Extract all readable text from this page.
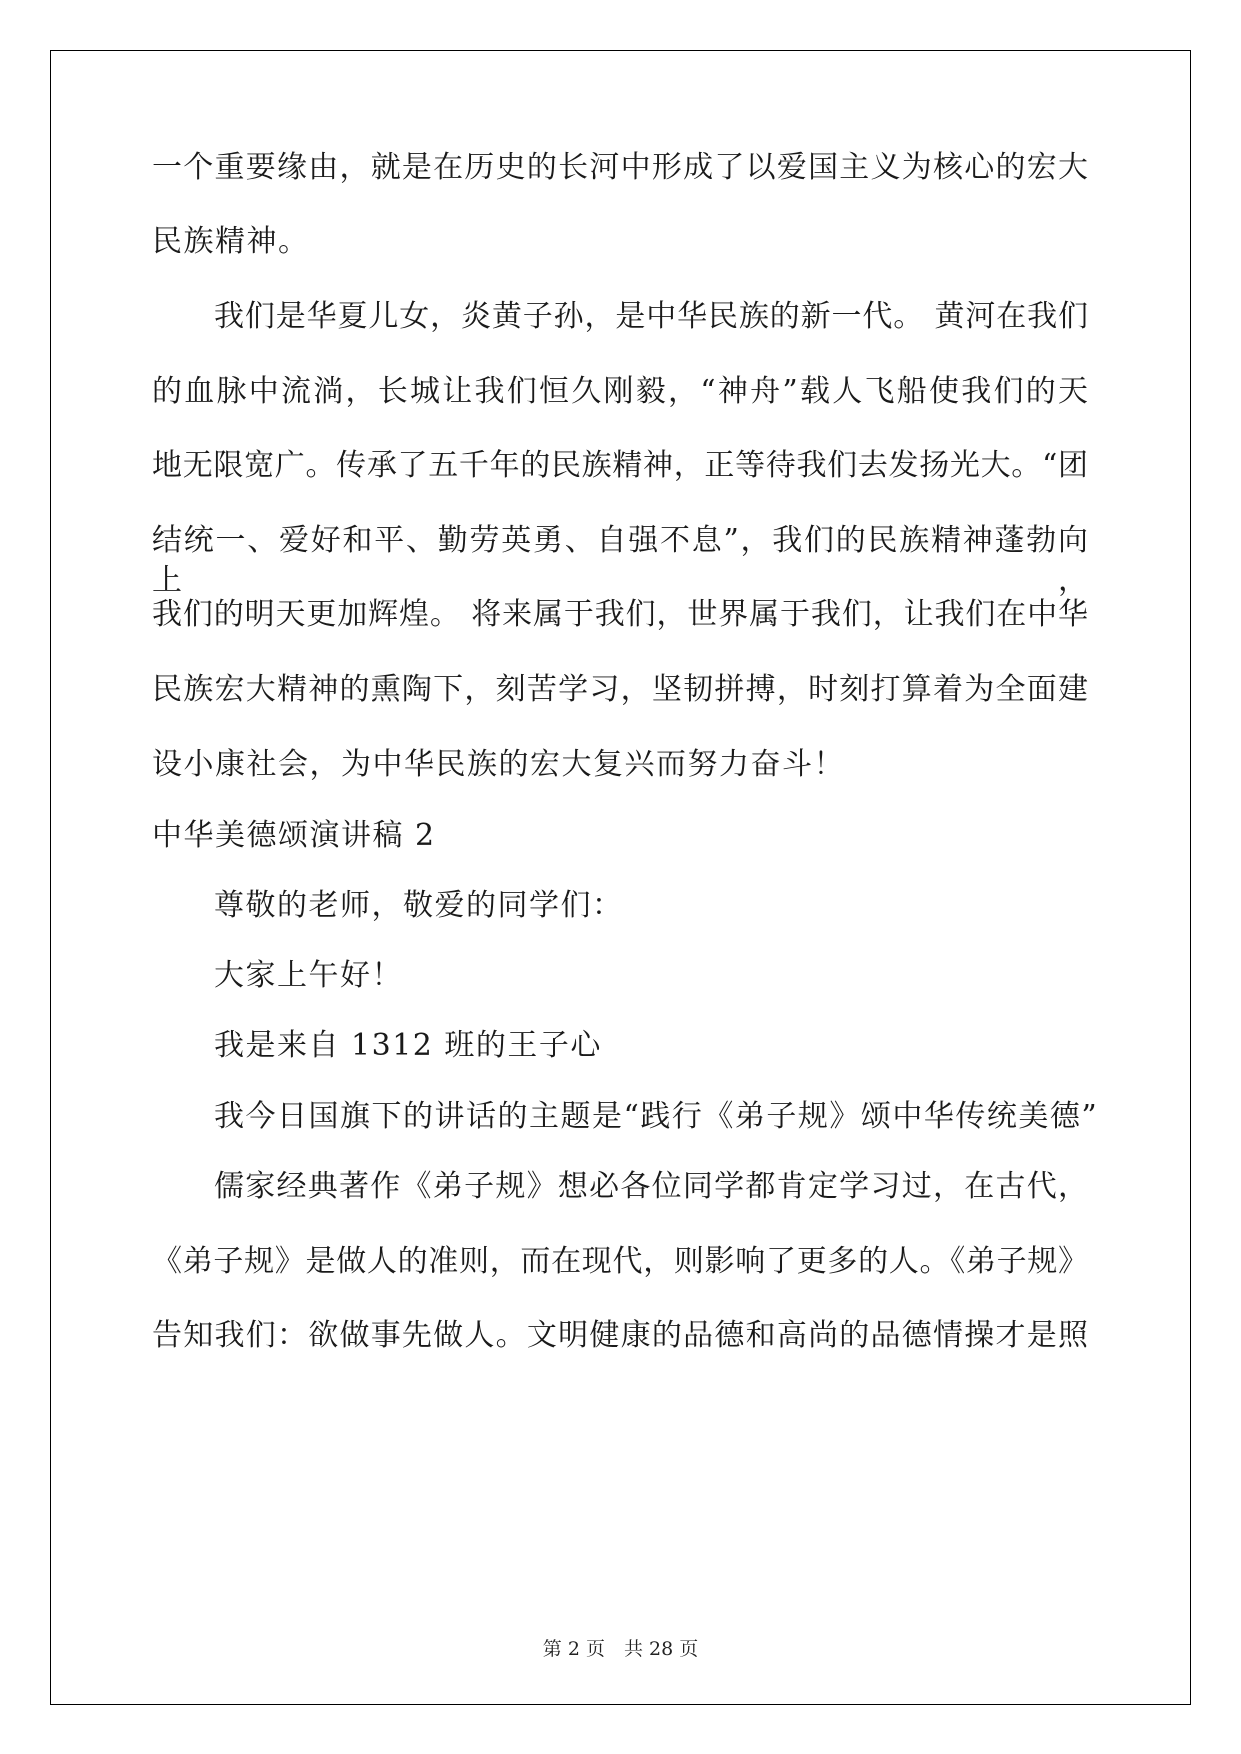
一个重要缘由，就是在历史的长河中形成了以爱国主义为核心的宏大
民族精神。
我们是华夏儿女，炎黄子孙，是中华民族的新一代。 黄河在我们
的血脉中流淌，长城让我们恒久刚毅，“神舟”载人飞船使我们的天
地无限宽广。传承了五千年的民族精神，正等待我们去发扬光大。“团
结统一、爱好和平、勤劳英勇、自强不息”，我们的民族精神蓬勃向上，
我们的明天更加辉煌。 将来属于我们，世界属于我们，让我们在中华
民族宏大精神的熏陶下，刻苦学习，坚韧拼搏，时刻打算着为全面建
设小康社会，为中华民族的宏大复兴而努力奋斗！
中华美德颂演讲稿 2
尊敬的老师，敬爱的同学们：
大家上午好！
我是来自 1312 班的王子心
我今日国旗下的讲话的主题是“践行《弟子规》颂中华传统美德”
儒家经典著作《弟子规》想必各位同学都肯定学习过，在古代，
《弟子规》是做人的准则，而在现代，则影响了更多的人。《弟子规》
告知我们：欲做事先做人。文明健康的品德和高尚的品德情操才是照
第 2 页　共 28 页
